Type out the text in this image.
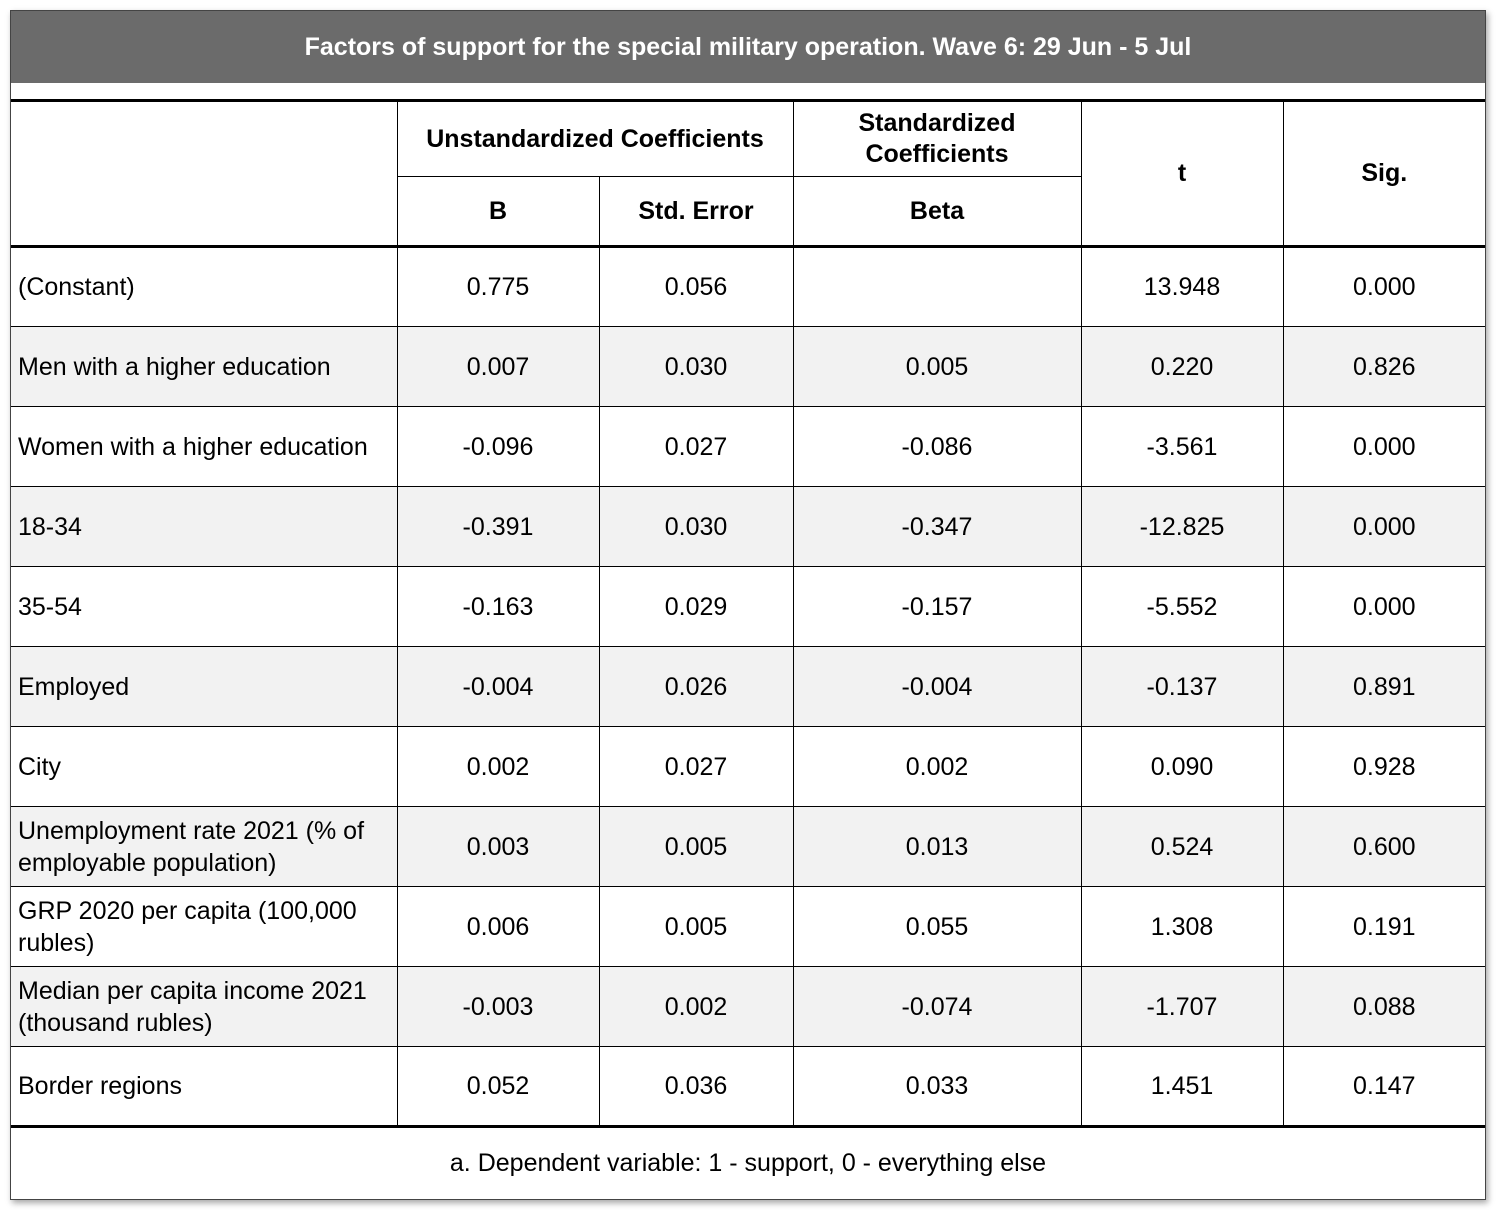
Factors of support for the special military operation. Wave 6: 29 Jun - 5 Jul
	Unstandardized Coefficients		Standardized Coefficients	t	Sig.
	B	Std. Error	Beta		
(Constant)	0.775	0.056		13.948	0.000
Men with a higher education	0.007	0.030	0.005	0.220	0.826
Women with a higher education	-0.096	0.027	-0.086	-3.561	0.000
18-34	-0.391	0.030	-0.347	-12.825	0.000
35-54	-0.163	0.029	-0.157	-5.552	0.000
Employed	-0.004	0.026	-0.004	-0.137	0.891
City	0.002	0.027	0.002	0.090	0.928
Unemployment rate 2021 (% of employable population)	0.003	0.005	0.013	0.524	0.600
GRP 2020 per capita (100,000 rubles)	0.006	0.005	0.055	1.308	0.191
Median per capita income 2021 (thousand rubles)	-0.003	0.002	-0.074	-1.707	0.088
Border regions	0.052	0.036	0.033	1.451	0.147
a. Dependent variable: 1 - support, 0 - everything else
